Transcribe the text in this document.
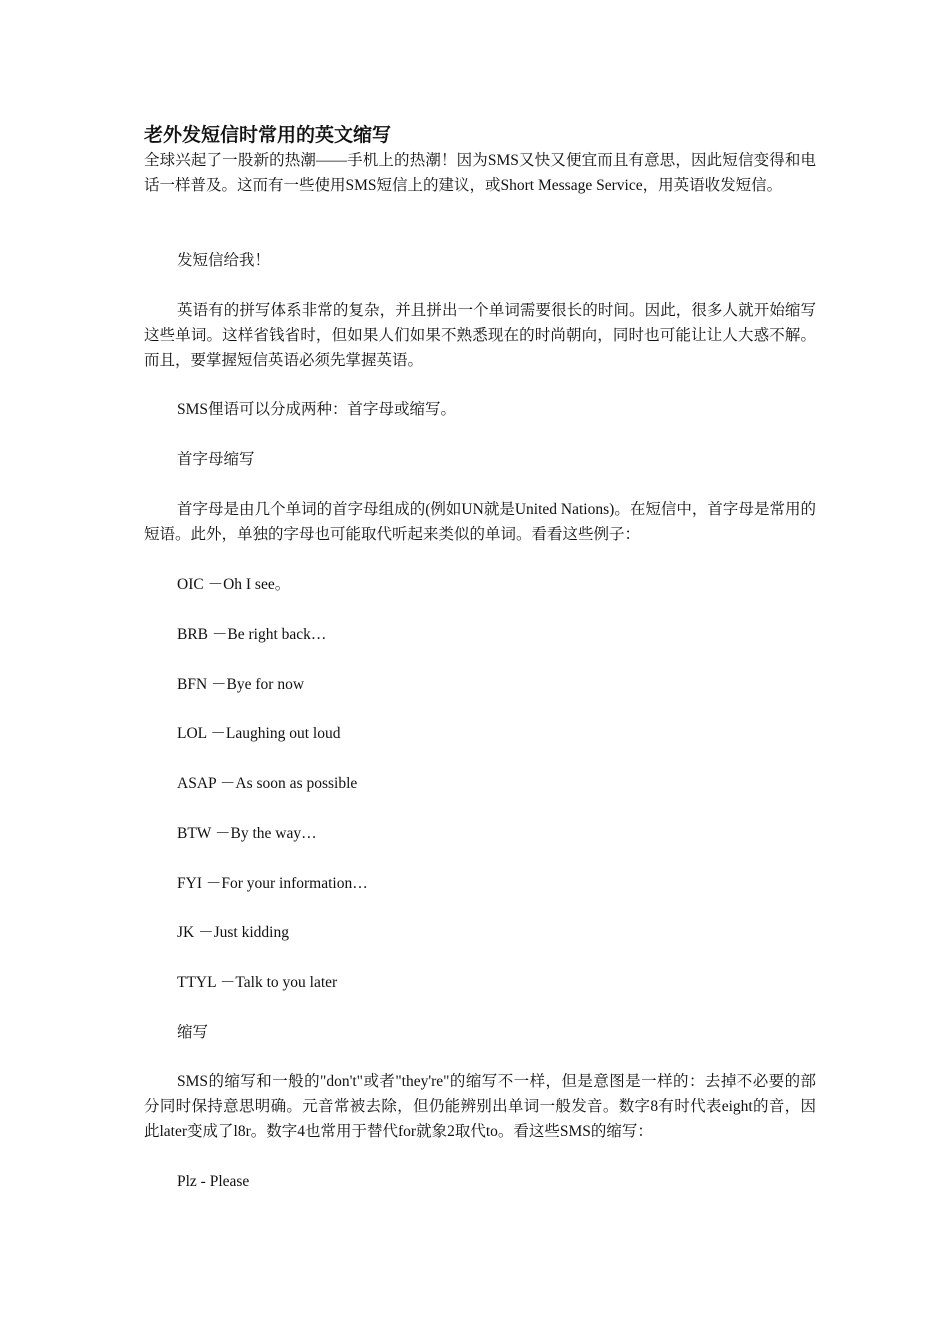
老外发短信时常用的英文缩写

全球兴起了一股新的热潮——手机上的热潮！因为SMS又快又便宜而且有意思，因此短信变得和电话一样普及。这而有一些使用SMS短信上的建议，或Short Message Service，用英语收发短信。

发短信给我！

英语有的拼写体系非常的复杂，并且拼出一个单词需要很长的时间。因此，很多人就开始缩写这些单词。这样省钱省时，但如果人们如果不熟悉现在的时尚朝向，同时也可能让让人大惑不解。而且，要掌握短信英语必须先掌握英语。

SMS俚语可以分成两种：首字母或缩写。

首字母缩写

首字母是由几个单词的首字母组成的(例如UN就是United Nations)。在短信中，首字母是常用的短语。此外，单独的字母也可能取代听起来类似的单词。看看这些例子：

OIC －Oh I see。

BRB －Be right back…

BFN －Bye for now

LOL －Laughing out loud

ASAP －As soon as possible

BTW －By the way…

FYI －For your information…

JK －Just kidding

TTYL －Talk to you later

缩写

SMS的缩写和一般的"don't"或者"they're"的缩写不一样，但是意图是一样的：去掉不必要的部分同时保持意思明确。元音常被去除，但仍能辨别出单词一般发音。数字8有时代表eight的音，因此later变成了l8r。数字4也常用于替代for就象2取代to。看这些SMS的缩写：

Plz - Please
